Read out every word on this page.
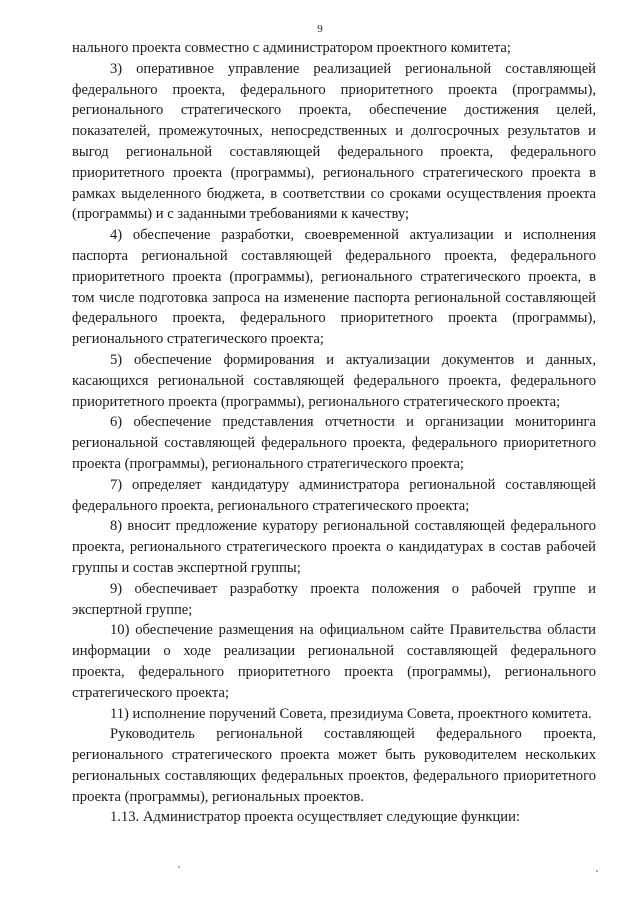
9

нального проекта совместно с администратором проектного комитета;

3) оперативное управление реализацией региональной составляющей федерального проекта, федерального приоритетного проекта (программы), регионального стратегического проекта, обеспечение достижения целей, показателей, промежуточных, непосредственных и долгосрочных результатов и выгод региональной составляющей федерального проекта, федерального приоритетного проекта (программы), регионального стратегического проекта в рамках выделенного бюджета, в соответствии со сроками осуществления проекта (программы) и с заданными требованиями к качеству;

4) обеспечение разработки, своевременной актуализации и исполнения паспорта региональной составляющей федерального проекта, федерального приоритетного проекта (программы), регионального стратегического проекта, в том числе подготовка запроса на изменение паспорта региональной составляющей федерального проекта, федерального приоритетного проекта (программы), регионального стратегического проекта;

5) обеспечение формирования и актуализации документов и данных, касающихся региональной составляющей федерального проекта, федерального приоритетного проекта (программы), регионального стратегического проекта;

6) обеспечение представления отчетности и организации мониторинга региональной составляющей федерального проекта, федерального приоритетного проекта (программы), регионального стратегического проекта;

7) определяет кандидатуру администратора региональной составляющей федерального проекта, регионального стратегического проекта;

8) вносит предложение куратору региональной составляющей федерального проекта, регионального стратегического проекта о кандидатурах в состав рабочей группы и состав экспертной группы;

9) обеспечивает разработку проекта положения о рабочей группе и экспертной группе;

10) обеспечение размещения на официальном сайте Правительства области информации о ходе реализации региональной составляющей федерального проекта, федерального приоритетного проекта (программы), регионального стратегического проекта;

11) исполнение поручений Совета, президиума Совета, проектного комитета.

Руководитель региональной составляющей федерального проекта, регионального стратегического проекта может быть руководителем нескольких региональных составляющих федеральных проектов, федерального приоритетного проекта (программы), региональных проектов.

1.13. Администратор проекта осуществляет следующие функции:
